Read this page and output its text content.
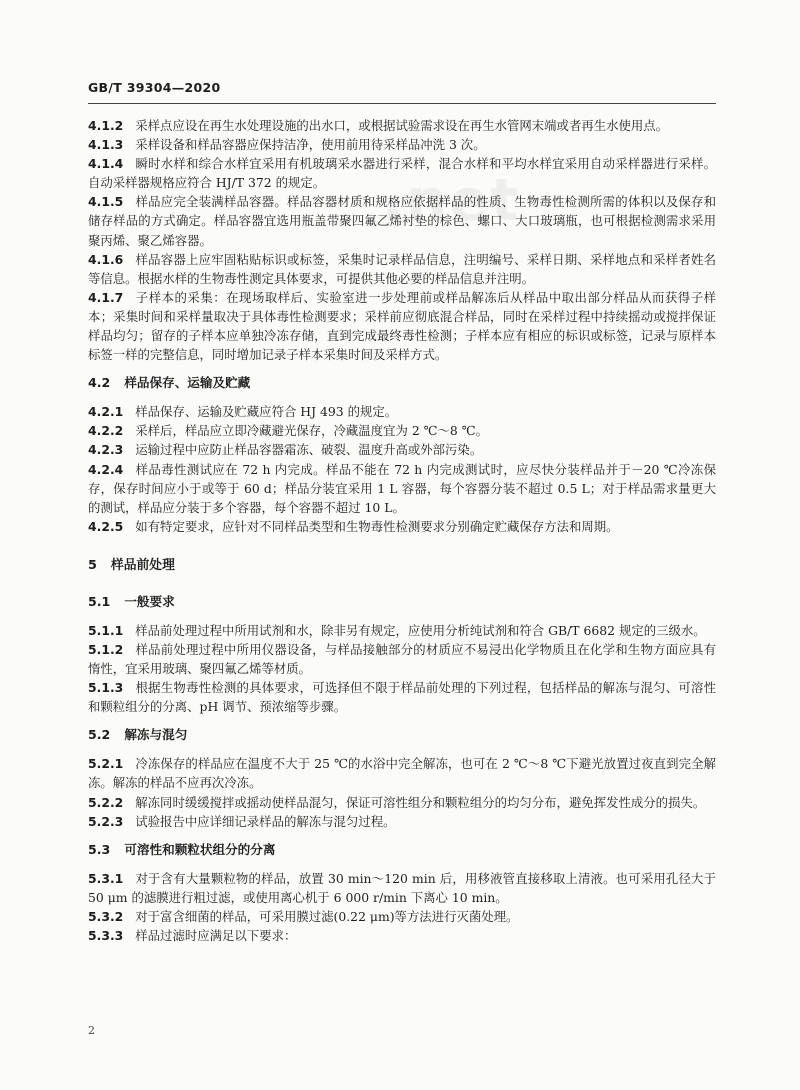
.net
GB/T 39304—2020
4.1.2 采样点应设在再生水处理设施的出水口，或根据试验需求设在再生水管网末端或者再生水使用点。
4.1.3 采样设备和样品容器应保持洁净，使用前用待采样品冲洗 3 次。
4.1.4 瞬时水样和综合水样宜采用有机玻璃采水器进行采样，混合水样和平均水样宜采用自动采样器进行采样。自动采样器规格应符合 HJ/T 372 的规定。
4.1.5 样品应完全装满样品容器。样品容器材质和规格应依据样品的性质、生物毒性检测所需的体积以及保存和储存样品的方式确定。样品容器宜选用瓶盖带聚四氟乙烯衬垫的棕色、螺口、大口玻璃瓶，也可根据检测需求采用聚丙烯、聚乙烯容器。
4.1.6 样品容器上应牢固粘贴标识或标签，采集时记录样品信息，注明编号、采样日期、采样地点和采样者姓名等信息。根据水样的生物毒性测定具体要求，可提供其他必要的样品信息并注明。
4.1.7 子样本的采集：在现场取样后、实验室进一步处理前或样品解冻后从样品中取出部分样品从而获得子样本；采集时间和采样量取决于具体毒性检测要求；采样前应彻底混合样品，同时在采样过程中持续摇动或搅拌保证样品均匀；留存的子样本应单独冷冻存储，直到完成最终毒性检测；子样本应有相应的标识或标签，记录与原样本标签一样的完整信息，同时增加记录子样本采集时间及采样方式。
4.2 样品保存、运输及贮藏
4.2.1 样品保存、运输及贮藏应符合 HJ 493 的规定。
4.2.2 采样后，样品应立即冷藏避光保存，冷藏温度宜为 2 ℃～8 ℃。
4.2.3 运输过程中应防止样品容器霜冻、破裂、温度升高或外部污染。
4.2.4 样品毒性测试应在 72 h 内完成。样品不能在 72 h 内完成测试时，应尽快分装样品并于－20 ℃冷冻保存，保存时间应小于或等于 60 d；样品分装宜采用 1 L 容器，每个容器分装不超过 0.5 L；对于样品需求量更大的测试，样品应分装于多个容器，每个容器不超过 10 L。
4.2.5 如有特定要求，应针对不同样品类型和生物毒性检测要求分别确定贮藏保存方法和周期。
5 样品前处理
5.1 一般要求
5.1.1 样品前处理过程中所用试剂和水，除非另有规定，应使用分析纯试剂和符合 GB/T 6682 规定的三级水。
5.1.2 样品前处理过程中所用仪器设备，与样品接触部分的材质应不易浸出化学物质且在化学和生物方面应具有惰性，宜采用玻璃、聚四氟乙烯等材质。
5.1.3 根据生物毒性检测的具体要求，可选择但不限于样品前处理的下列过程，包括样品的解冻与混匀、可溶性和颗粒组分的分离、pH 调节、预浓缩等步骤。
5.2 解冻与混匀
5.2.1 冷冻保存的样品应在温度不大于 25 ℃的水浴中完全解冻，也可在 2 ℃～8 ℃下避光放置过夜直到完全解冻。解冻的样品不应再次冷冻。
5.2.2 解冻同时缓缓搅拌或摇动使样品混匀，保证可溶性组分和颗粒组分的均匀分布，避免挥发性成分的损失。
5.2.3 试验报告中应详细记录样品的解冻与混匀过程。
5.3 可溶性和颗粒状组分的分离
5.3.1 对于含有大量颗粒物的样品，放置 30 min～120 min 后，用移液管直接移取上清液。也可采用孔径大于 50 μm 的滤膜进行粗过滤，或使用离心机于 6 000 r/min 下离心 10 min。
5.3.2 对于富含细菌的样品，可采用膜过滤(0.22 μm)等方法进行灭菌处理。
5.3.3 样品过滤时应满足以下要求：
2
